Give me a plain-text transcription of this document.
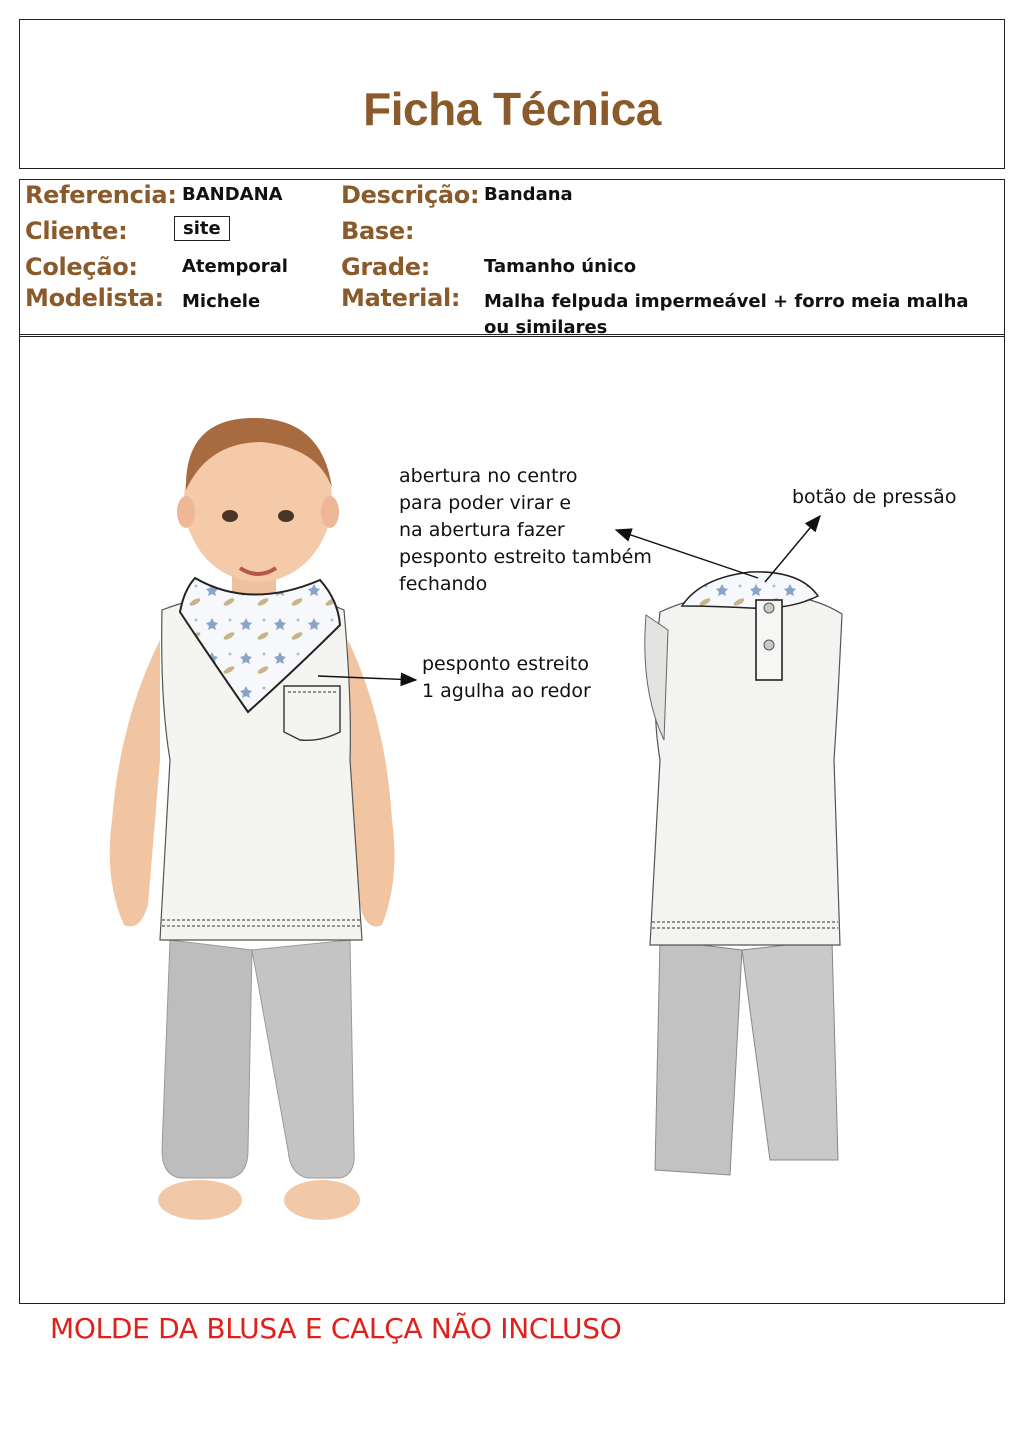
Ficha Técnica
Referencia: BANDANA Descrição: Bandana
Cliente:	site	Base:
Coleção: Atemporal Grade:	Tamanho único
Modelista: Michele	Material: Malha felpuda impermeável + forro meia malha ou similares
abertura no centro
para poder virar e
na abertura fazer
pesponto estreito também
fechando
botão de pressão
pesponto estreito
1 agulha ao redor
MOLDE DA BLUSA E CALÇA NÃO INCLUSO
